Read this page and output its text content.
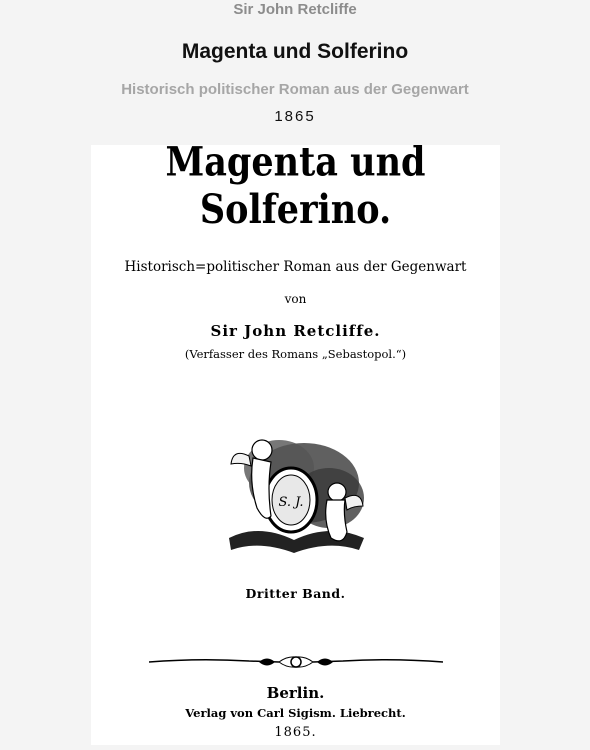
Sir John Retcliffe
Magenta und Solferino
Historisch politischer Roman aus der Gegenwart
1865
Magenta und Solferino.
Historisch=politischer Roman aus der Gegenwart
von
Sir John Retcliffe.
(Verfasser des Romans „Sebastopol.“)
S. J.
Dritter Band.
Berlin.
Verlag von Carl Sigism. Liebrecht.
1865.
